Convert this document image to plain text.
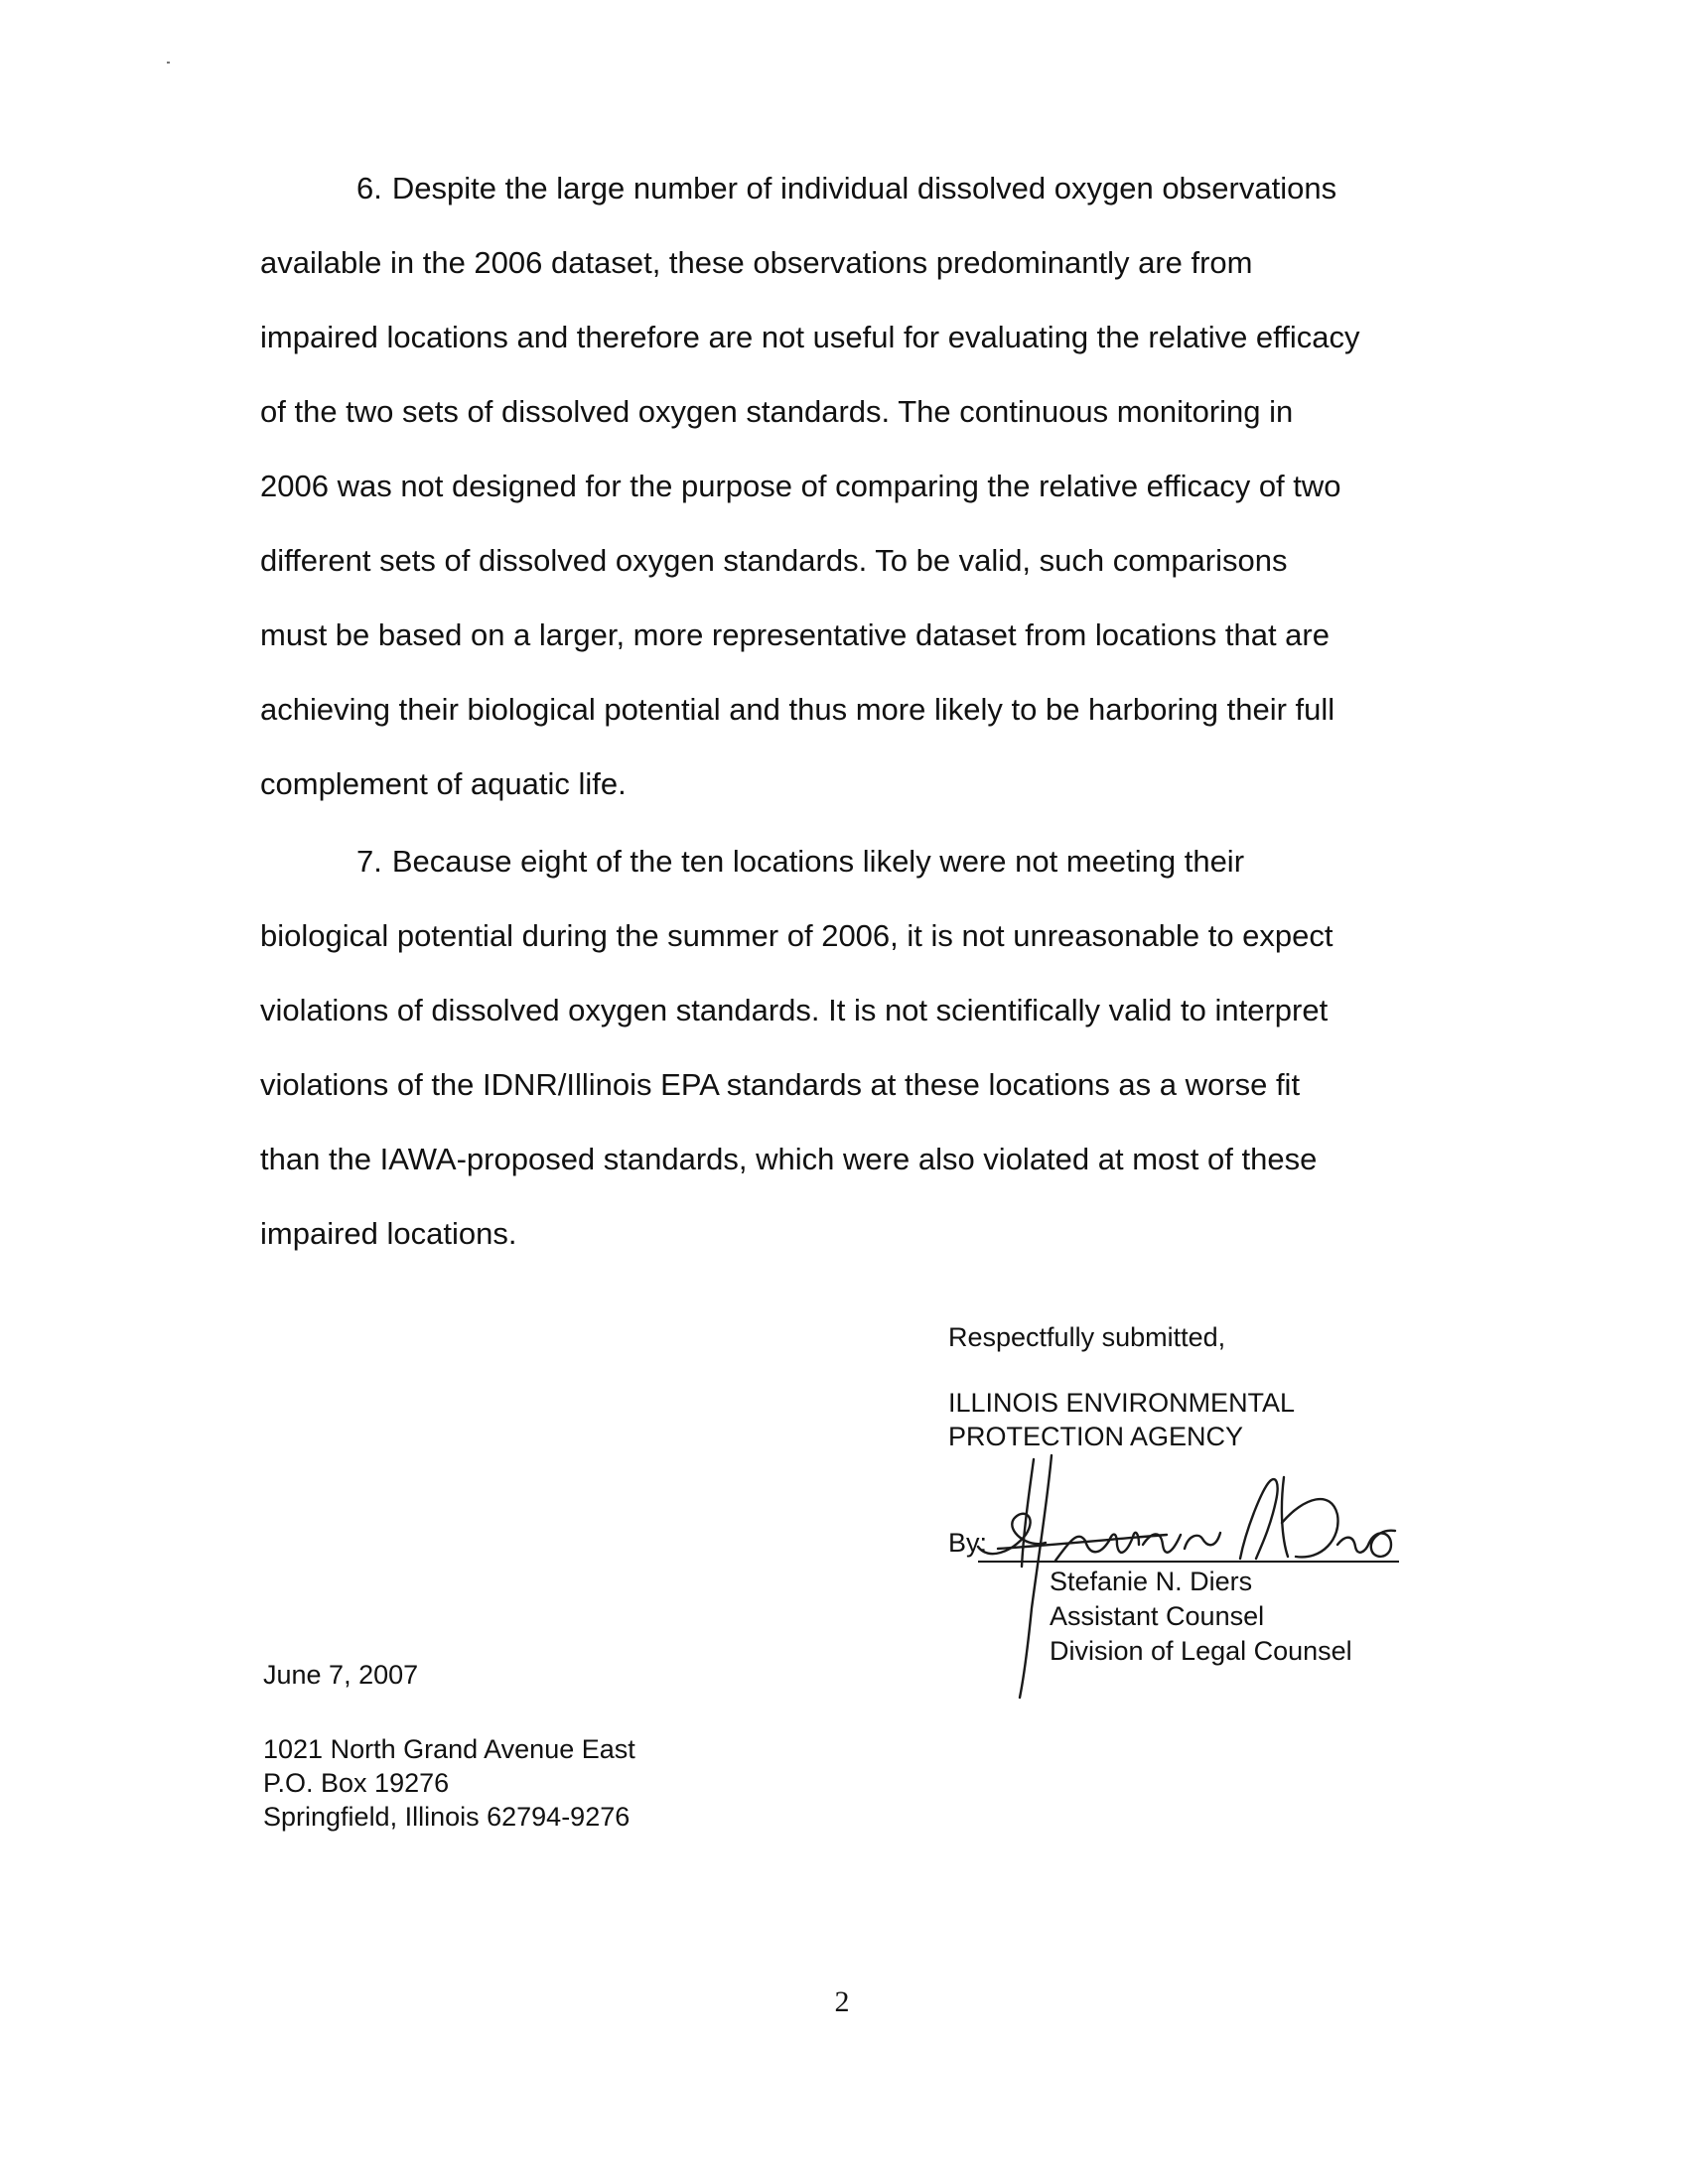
6. Despite the large number of individual dissolved oxygen observations
available in the 2006 dataset, these observations predominantly are from
impaired locations and therefore are not useful for evaluating the relative efficacy
of the two sets of dissolved oxygen standards. The continuous monitoring in
2006 was not designed for the purpose of comparing the relative efficacy of two
different sets of dissolved oxygen standards. To be valid, such comparisons
must be based on a larger, more representative dataset from locations that are
achieving their biological potential and thus more likely to be harboring their full
complement of aquatic life.
7. Because eight of the ten locations likely were not meeting their
biological potential during the summer of 2006, it is not unreasonable to expect
violations of dissolved oxygen standards. It is not scientifically valid to interpret
violations of the IDNR/Illinois EPA standards at these locations as a worse fit
than the IAWA-proposed standards, which were also violated at most of these
impaired locations.
Respectfully submitted,
ILLINOIS ENVIRONMENTAL
PROTECTION AGENCY
By:
Stefanie N. Diers
Assistant Counsel
Division of Legal Counsel
June 7, 2007
1021 North Grand Avenue East
P.O. Box 19276
Springfield, Illinois 62794-9276
2
